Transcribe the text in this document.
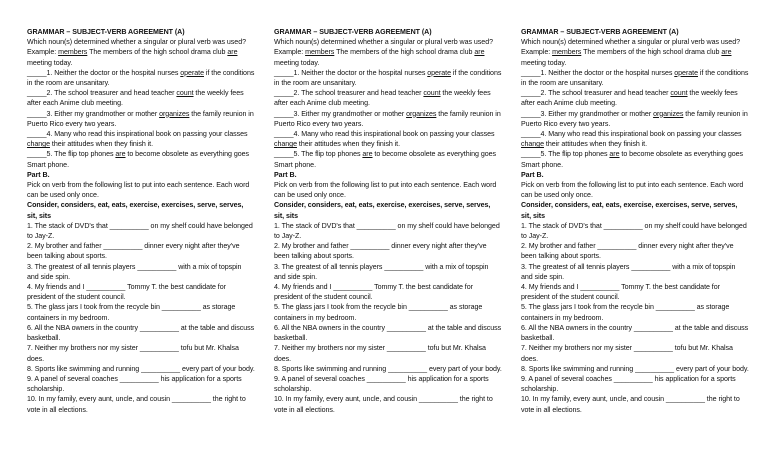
GRAMMAR – SUBJECT-VERB AGREEMENT (A)

Which noun(s) determined whether a singular or plural verb was used?

Example: members The members of the high school drama club are meeting today.

_____1. Neither the doctor or the hospital nurses operate if the conditions in the room are unsanitary.

_____2. The school treasurer and head teacher count the weekly fees after each Anime club meeting.

_____3. Either my grandmother or mother organizes the family reunion in Puerto Rico every two years.

_____4. Many who read this inspirational book on passing your classes change their attitudes when they finish it.

_____5. The flip top phones are to become obsolete as everything goes Smart phone.

Part B.

Pick on verb from the following list to put into each sentence. Each word can be used only once.

Consider, considers, eat, eats, exercise, exercises, serve, serves, sit, sits

1. The stack of DVD's that __________ on my shelf could have belonged to Jay-Z.

2. My brother and father __________ dinner every night after they've been talking about sports.

3. The greatest of all tennis players __________ with a mix of topspin and side spin.

4. My friends and I __________ Tommy T. the best candidate for president of the student council.

5. The glass jars I took from the recycle bin __________ as storage containers in my bedroom.

6. All the NBA owners in the country __________ at the table and discuss basketball.

7. Neither my brothers nor my sister __________ tofu but Mr. Khalsa does.

8. Sports like swimming and running __________ every part of your body.

9. A panel of several coaches __________ his application for a sports scholarship.

10. In my family, every aunt, uncle, and cousin __________ the right to vote in all elections.

GRAMMAR – SUBJECT-VERB AGREEMENT (A)

Which noun(s) determined whether a singular or plural verb was used?

Example: members The members of the high school drama club are meeting today.

_____1. Neither the doctor or the hospital nurses operate if the conditions in the room are unsanitary.

_____2. The school treasurer and head teacher count the weekly fees after each Anime club meeting.

_____3. Either my grandmother or mother organizes the family reunion in Puerto Rico every two years.

_____4. Many who read this inspirational book on passing your classes change their attitudes when they finish it.

_____5. The flip top phones are to become obsolete as everything goes Smart phone.

Part B.

Pick on verb from the following list to put into each sentence. Each word can be used only once.

Consider, considers, eat, eats, exercise, exercises, serve, serves, sit, sits

1. The stack of DVD's that __________ on my shelf could have belonged to Jay-Z.

2. My brother and father __________ dinner every night after they've been talking about sports.

3. The greatest of all tennis players __________ with a mix of topspin and side spin.

4. My friends and I __________ Tommy T. the best candidate for president of the student council.

5. The glass jars I took from the recycle bin __________ as storage containers in my bedroom.

6. All the NBA owners in the country __________ at the table and discuss basketball.

7. Neither my brothers nor my sister __________ tofu but Mr. Khalsa does.

8. Sports like swimming and running __________ every part of your body.

9. A panel of several coaches __________ his application for a sports scholarship.

10. In my family, every aunt, uncle, and cousin __________ the right to vote in all elections.

GRAMMAR – SUBJECT-VERB AGREEMENT (A)

Which noun(s) determined whether a singular or plural verb was used?

Example: members The members of the high school drama club are meeting today.

_____1. Neither the doctor or the hospital nurses operate if the conditions in the room are unsanitary.

_____2. The school treasurer and head teacher count the weekly fees after each Anime club meeting.

_____3. Either my grandmother or mother organizes the family reunion in Puerto Rico every two years.

_____4. Many who read this inspirational book on passing your classes change their attitudes when they finish it.

_____5. The flip top phones are to become obsolete as everything goes Smart phone.

Part B.

Pick on verb from the following list to put into each sentence. Each word can be used only once.

Consider, considers, eat, eats, exercise, exercises, serve, serves, sit, sits

1. The stack of DVD's that __________ on my shelf could have belonged to Jay-Z.

2. My brother and father __________ dinner every night after they've been talking about sports.

3. The greatest of all tennis players __________ with a mix of topspin and side spin.

4. My friends and I __________ Tommy T. the best candidate for president of the student council.

5. The glass jars I took from the recycle bin __________ as storage containers in my bedroom.

6. All the NBA owners in the country __________ at the table and discuss basketball.

7. Neither my brothers nor my sister __________ tofu but Mr. Khalsa does.

8. Sports like swimming and running __________ every part of your body.

9. A panel of several coaches __________ his application for a sports scholarship.

10. In my family, every aunt, uncle, and cousin __________ the right to vote in all elections.
